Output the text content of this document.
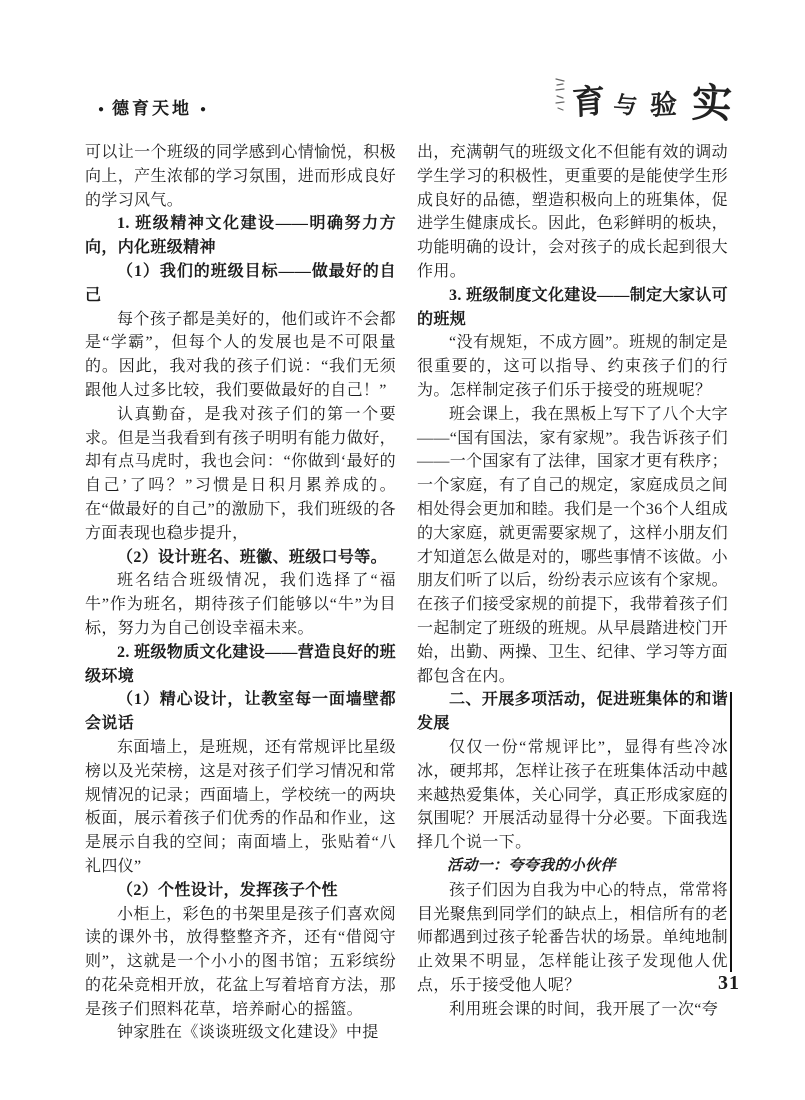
● 德育天地 ●	育 与 验 实

可以让一个班级的同学感到心情愉悦，积极向上，产生浓郁的学习氛围，进而形成良好的学习风气。

1. 班级精神文化建设——明确努力方向，内化班级精神

（1）我们的班级目标——做最好的自己

每个孩子都是美好的，他们或许不会都是“学霸”，但每个人的发展也是不可限量的。因此，我对我的孩子们说：“我们无须跟他人过多比较，我们要做最好的自己！”

认真勤奋，是我对孩子们的第一个要求。但是当我看到有孩子明明有能力做好，却有点马虎时，我也会问：“你做到‘最好的自己’了吗？”习惯是日积月累养成的。在“做最好的自己”的激励下，我们班级的各方面表现也稳步提升，

（2）设计班名、班徽、班级口号等。

班名结合班级情况，我们选择了“福牛”作为班名，期待孩子们能够以“牛”为目标，努力为自己创设幸福未来。

2. 班级物质文化建设——营造良好的班级环境

（1）精心设计，让教室每一面墙壁都会说话

东面墙上，是班规，还有常规评比星级榜以及光荣榜，这是对孩子们学习情况和常规情况的记录；西面墙上，学校统一的两块板面，展示着孩子们优秀的作品和作业，这是展示自我的空间；南面墙上，张贴着“八礼四仪”

（2）个性设计，发挥孩子个性

小柜上，彩色的书架里是孩子们喜欢阅读的课外书，放得整整齐齐，还有“借阅守则”，这就是一个小小的图书馆；五彩缤纷的花朵竞相开放，花盆上写着培育方法，那是孩子们照料花草，培养耐心的摇篮。

钟家胜在《谈谈班级文化建设》中提

出，充满朝气的班级文化不但能有效的调动学生学习的积极性，更重要的是能使学生形成良好的品德，塑造积极向上的班集体，促进学生健康成长。因此，色彩鲜明的板块，功能明确的设计，会对孩子的成长起到很大作用。

3. 班级制度文化建设——制定大家认可的班规

“没有规矩，不成方圆”。班规的制定是很重要的，这可以指导、约束孩子们的行为。怎样制定孩子们乐于接受的班规呢？

班会课上，我在黑板上写下了八个大字——“国有国法，家有家规”。我告诉孩子们——一个国家有了法律，国家才更有秩序；一个家庭，有了自己的规定，家庭成员之间相处得会更加和睦。我们是一个36个人组成的大家庭，就更需要家规了，这样小朋友们才知道怎么做是对的，哪些事情不该做。小朋友们听了以后，纷纷表示应该有个家规。在孩子们接受家规的前提下，我带着孩子们一起制定了班级的班规。从早晨踏进校门开始，出勤、两操、卫生、纪律、学习等方面都包含在内。

二、开展多项活动，促进班集体的和谐发展

仅仅一份“常规评比”，显得有些冷冰冰，硬邦邦，怎样让孩子在班集体活动中越来越热爱集体，关心同学，真正形成家庭的氛围呢？开展活动显得十分必要。下面我选择几个说一下。

活动一：夸夸我的小伙伴

孩子们因为自我为中心的特点，常常将目光聚焦到同学们的缺点上，相信所有的老师都遇到过孩子轮番告状的场景。单纯地制止效果不明显，怎样能让孩子发现他人优点，乐于接受他人呢？

利用班会课的时间，我开展了一次“夸

31
